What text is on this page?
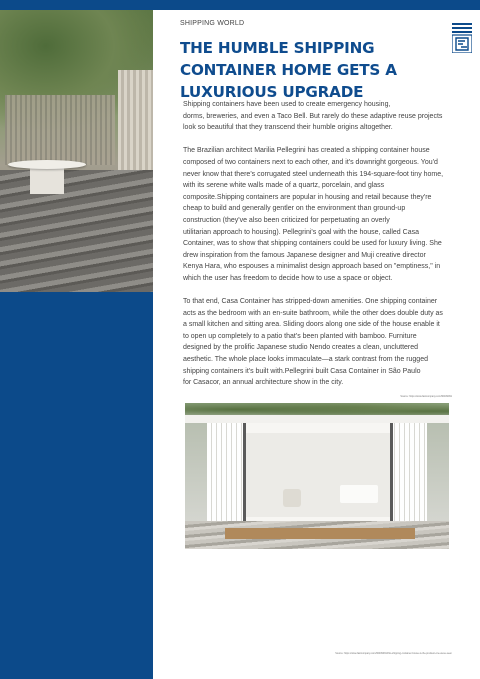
SHIPPING WORLD
THE HUMBLE SHIPPING CONTAINER HOME GETS A LUXURIOUS UPGRADE

Shipping containers have been used to create emergency housing,
dorms, breweries, and even a Taco Bell. But rarely do these adaptive reuse projects
look so beautiful that they transcend their humble origins altogether.

The Brazilian architect Marilia Pellegrini has created a shipping container house
composed of two containers next to each other, and it's downright gorgeous. You'd
never know that there's corrugated steel underneath this 194-square-foot tiny home,
with its serene white walls made of a quartz, porcelain, and glass
composite.Shipping containers are popular in housing and retail because they're
cheap to build and generally gentler on the environment than ground-up
construction (they've also been criticized for perpetuating an overly
utilitarian approach to housing). Pellegrini's goal with the house, called Casa
Container, was to show that shipping containers could be used for luxury living. She
drew inspiration from the famous Japanese designer and Muji creative director
Kenya Hara, who espouses a minimalist design approach based on "emptiness," in
which the user has freedom to decide how to use a space or object.

To that end, Casa Container has stripped-down amenities. One shipping container
acts as the bedroom with an en-suite bathroom, while the other does double duty as
a small kitchen and sitting area. Sliding doors along one side of the house enable it
to open up completely to a patio that's been planted with bamboo. Furniture
designed by the prolific Japanese studio Nendo creates a clean, uncluttered
aesthetic. The whole place looks immaculate—a stark contrast from the rugged
shipping containers it's built with.Pellegrini built Casa Container in São Paulo
for Casacor, an annual architecture show in the city.

Source: https://www.fastcompany.com/90409091
Source: https://www.fastcompany.com/90409091/this-shipping-container-house-is-the-prettiest-one-weve-seen
